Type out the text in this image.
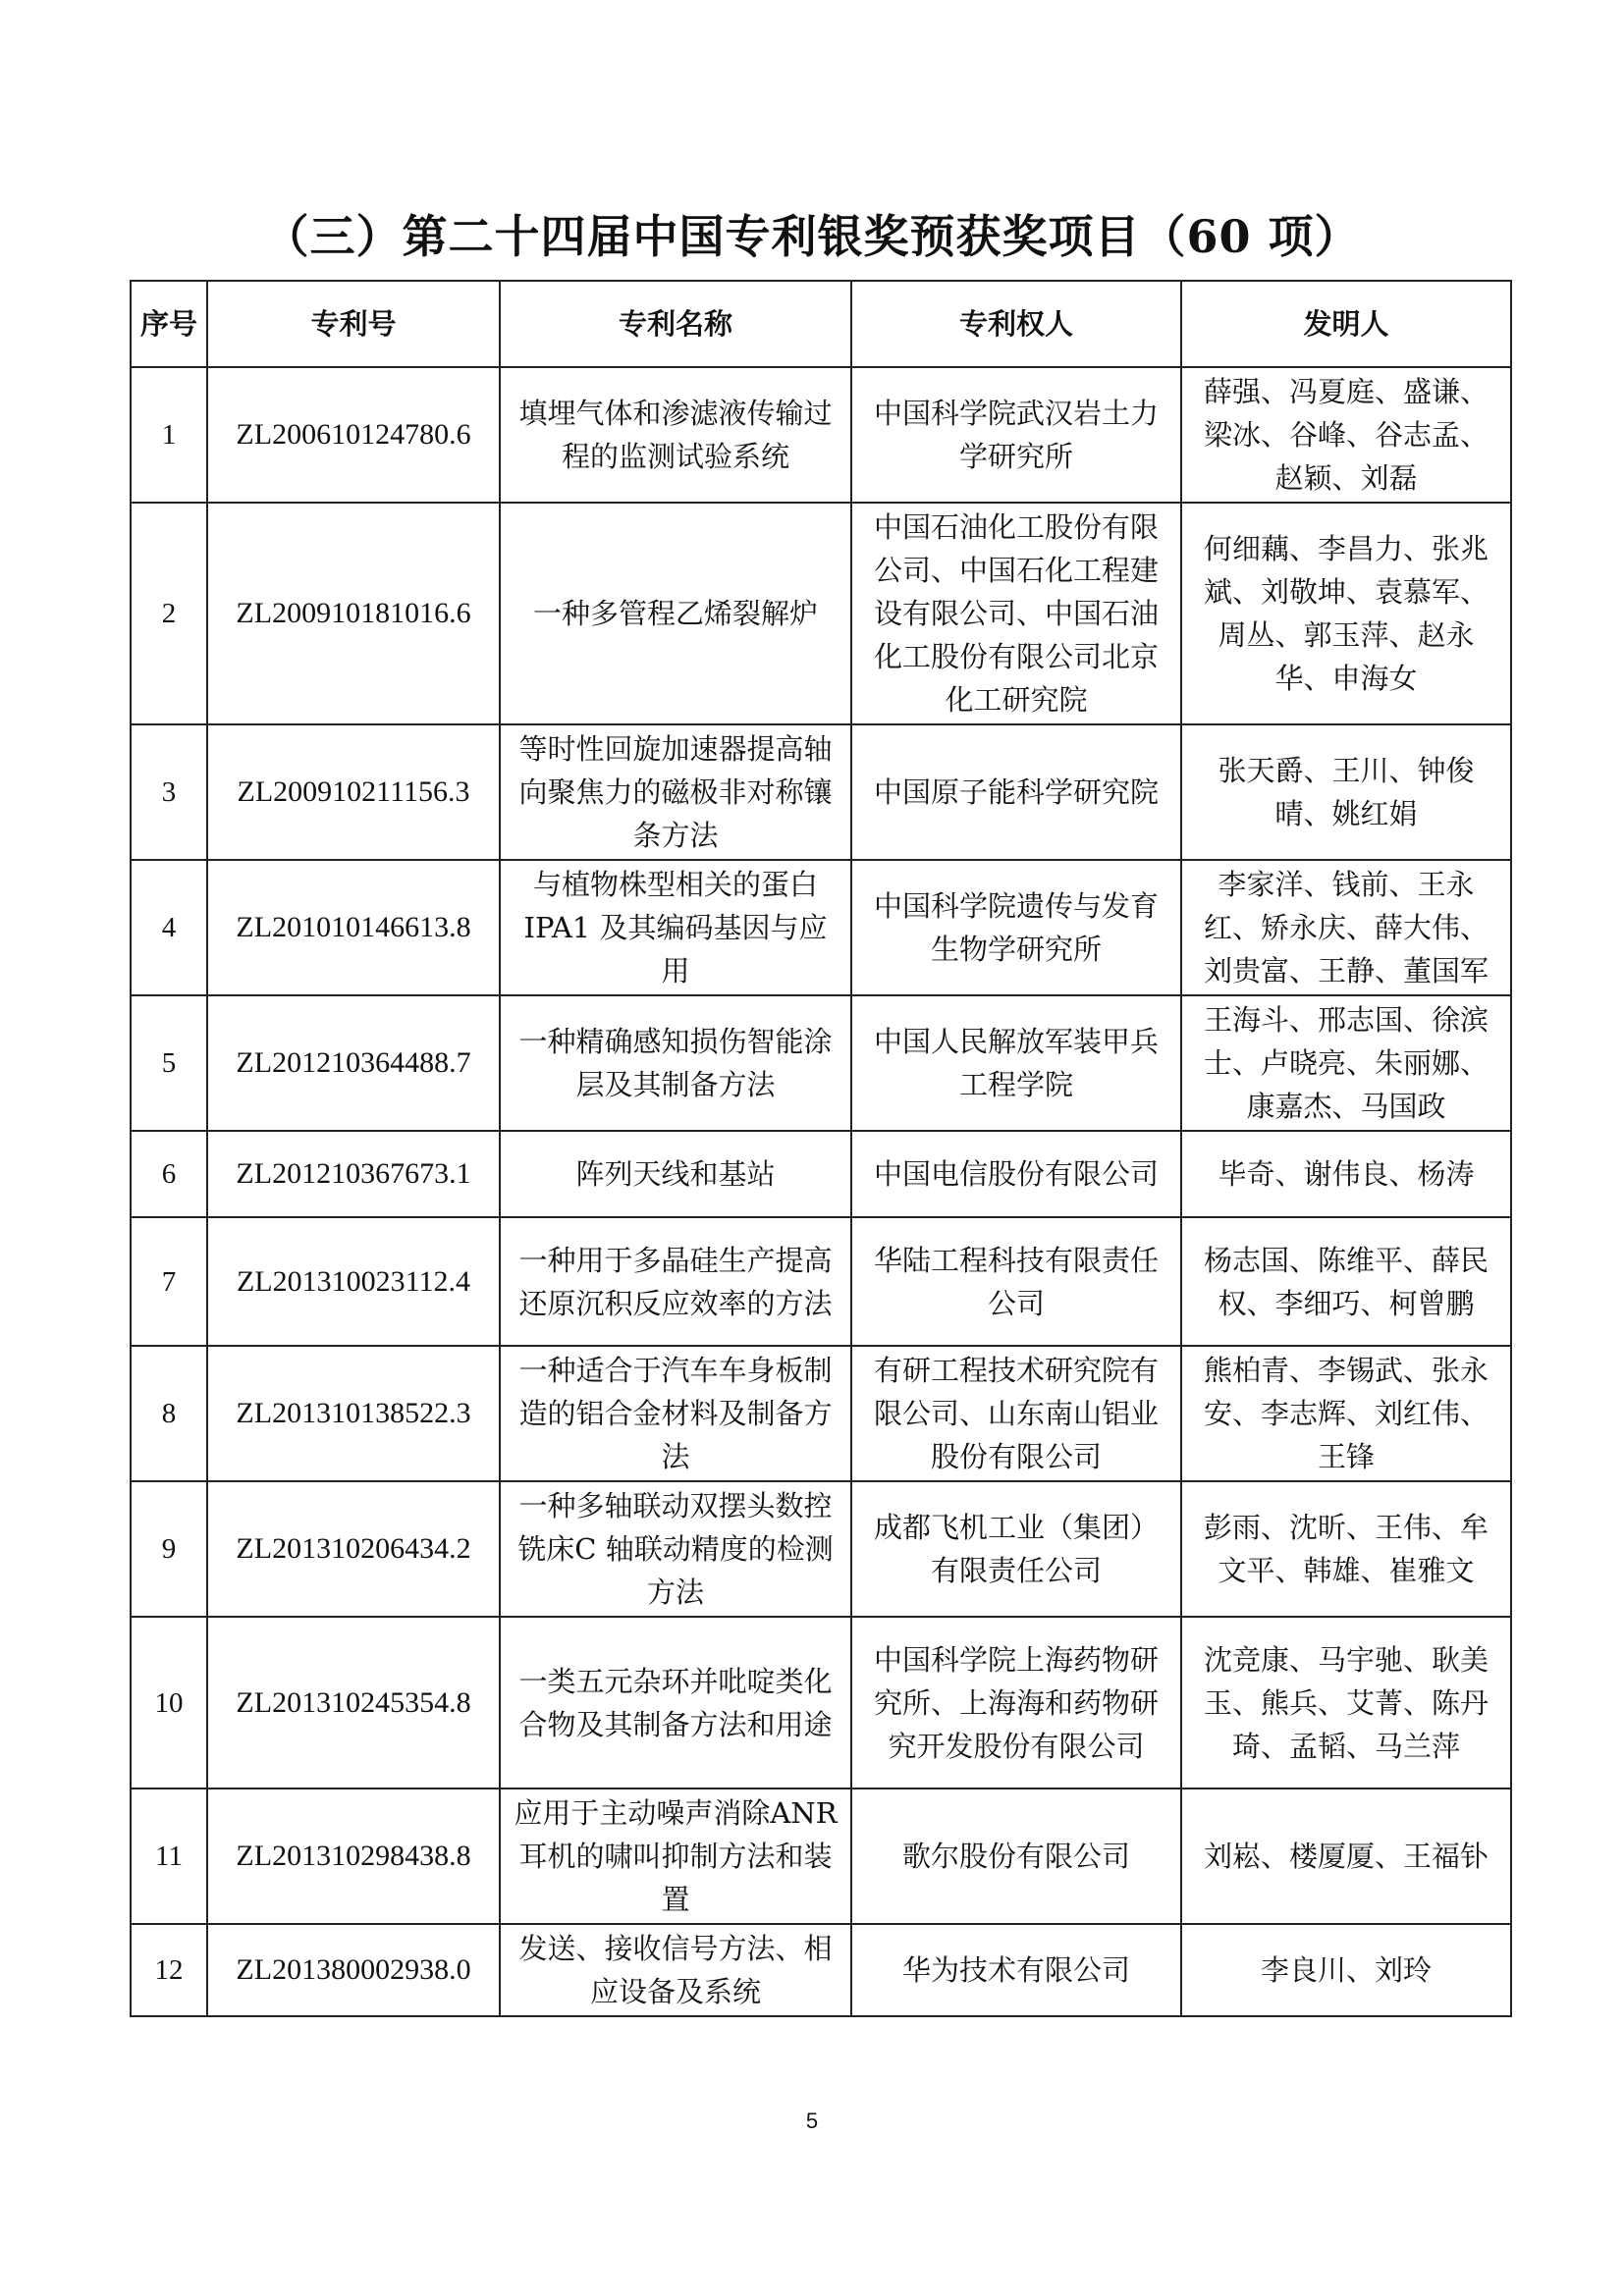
（三）第二十四届中国专利银奖预获奖项目（60 项）
序号	专利号	专利名称	专利权人	发明人
1	ZL200610124780.6	填埋气体和渗滤液传输过程的监测试验系统	中国科学院武汉岩土力学研究所	薛强、冯夏庭、盛谦、梁冰、谷峰、谷志孟、赵颖、刘磊
2	ZL200910181016.6	一种多管程乙烯裂解炉	中国石油化工股份有限公司、中国石化工程建设有限公司、中国石油化工股份有限公司北京化工研究院	何细藕、李昌力、张兆斌、刘敬坤、袁慕军、周丛、郭玉萍、赵永华、申海女
3	ZL200910211156.3	等时性回旋加速器提高轴向聚焦力的磁极非对称镶条方法	中国原子能科学研究院	张天爵、王川、钟俊晴、姚红娟
4	ZL201010146613.8	与植物株型相关的蛋白IPA1 及其编码基因与应用	中国科学院遗传与发育生物学研究所	李家洋、钱前、王永红、矫永庆、薛大伟、刘贵富、王静、董国军
5	ZL201210364488.7	一种精确感知损伤智能涂层及其制备方法	中国人民解放军装甲兵工程学院	王海斗、邢志国、徐滨士、卢晓亮、朱丽娜、康嘉杰、马国政
6	ZL201210367673.1	阵列天线和基站	中国电信股份有限公司	毕奇、谢伟良、杨涛
7	ZL201310023112.4	一种用于多晶硅生产提高还原沉积反应效率的方法	华陆工程科技有限责任公司	杨志国、陈维平、薛民权、李细巧、柯曾鹏
8	ZL201310138522.3	一种适合于汽车车身板制造的铝合金材料及制备方法	有研工程技术研究院有限公司、山东南山铝业股份有限公司	熊柏青、李锡武、张永安、李志辉、刘红伟、王锋
9	ZL201310206434.2	一种多轴联动双摆头数控铣床C 轴联动精度的检测方法	成都飞机工业（集团）有限责任公司	彭雨、沈昕、王伟、牟文平、韩雄、崔雅文
10	ZL201310245354.8	一类五元杂环并吡啶类化合物及其制备方法和用途	中国科学院上海药物研究所、上海海和药物研究开发股份有限公司	沈竞康、马宇驰、耿美玉、熊兵、艾菁、陈丹琦、孟韬、马兰萍
11	ZL201310298438.8	应用于主动噪声消除ANR 耳机的啸叫抑制方法和装置	歌尔股份有限公司	刘崧、楼厦厦、王福钋
12	ZL201380002938.0	发送、接收信号方法、相应设备及系统	华为技术有限公司	李良川、刘玲
5
